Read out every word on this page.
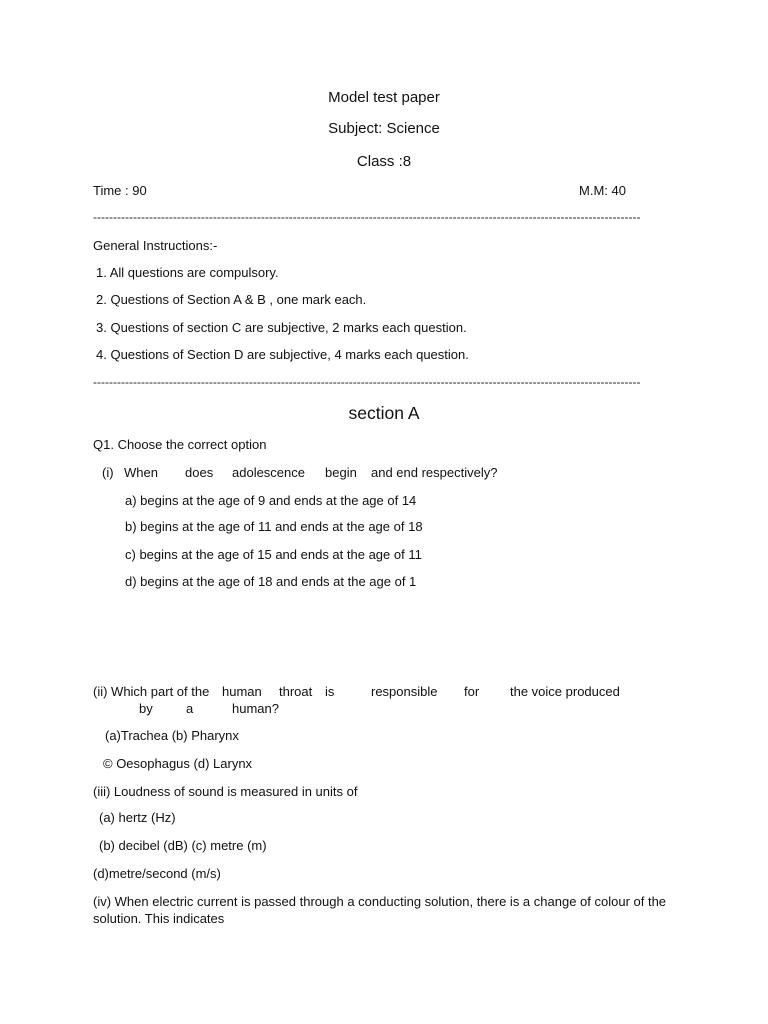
Model test paper
Subject: Science
Class :8
Time : 90	M.M: 40
-----------------------------------------------------------------------------------------------------------------------------------------
General Instructions:-
1. All questions are compulsory.
2. Questions of Section A & B , one mark each.
3. Questions of section C are subjective, 2 marks each question.
4. Questions of Section D are subjective, 4 marks each question.
-----------------------------------------------------------------------------------------------------------------------------------------
section A
Q1. Choose the correct option
(i) When does adolescence begin and end respectively?
a) begins at the age of 9 and ends at the age of 14
b) begins at the age of 11 and ends at the age of 18
c) begins at the age of 15 and ends at the age of 11
d) begins at the age of 18 and ends at the age of 1
(ii) Which part of the human throat is	responsible for the voice produced
by	a	human?
(a)Trachea (b) Pharynx
© Oesophagus (d) Larynx
(iii) Loudness of sound is measured in units of
(a) hertz (Hz)
(b) decibel (dB) (c) metre (m)
(d)metre/second (m/s)
(iv) When electric current is passed through a conducting solution, there is a change of colour of the solution. This indicates
